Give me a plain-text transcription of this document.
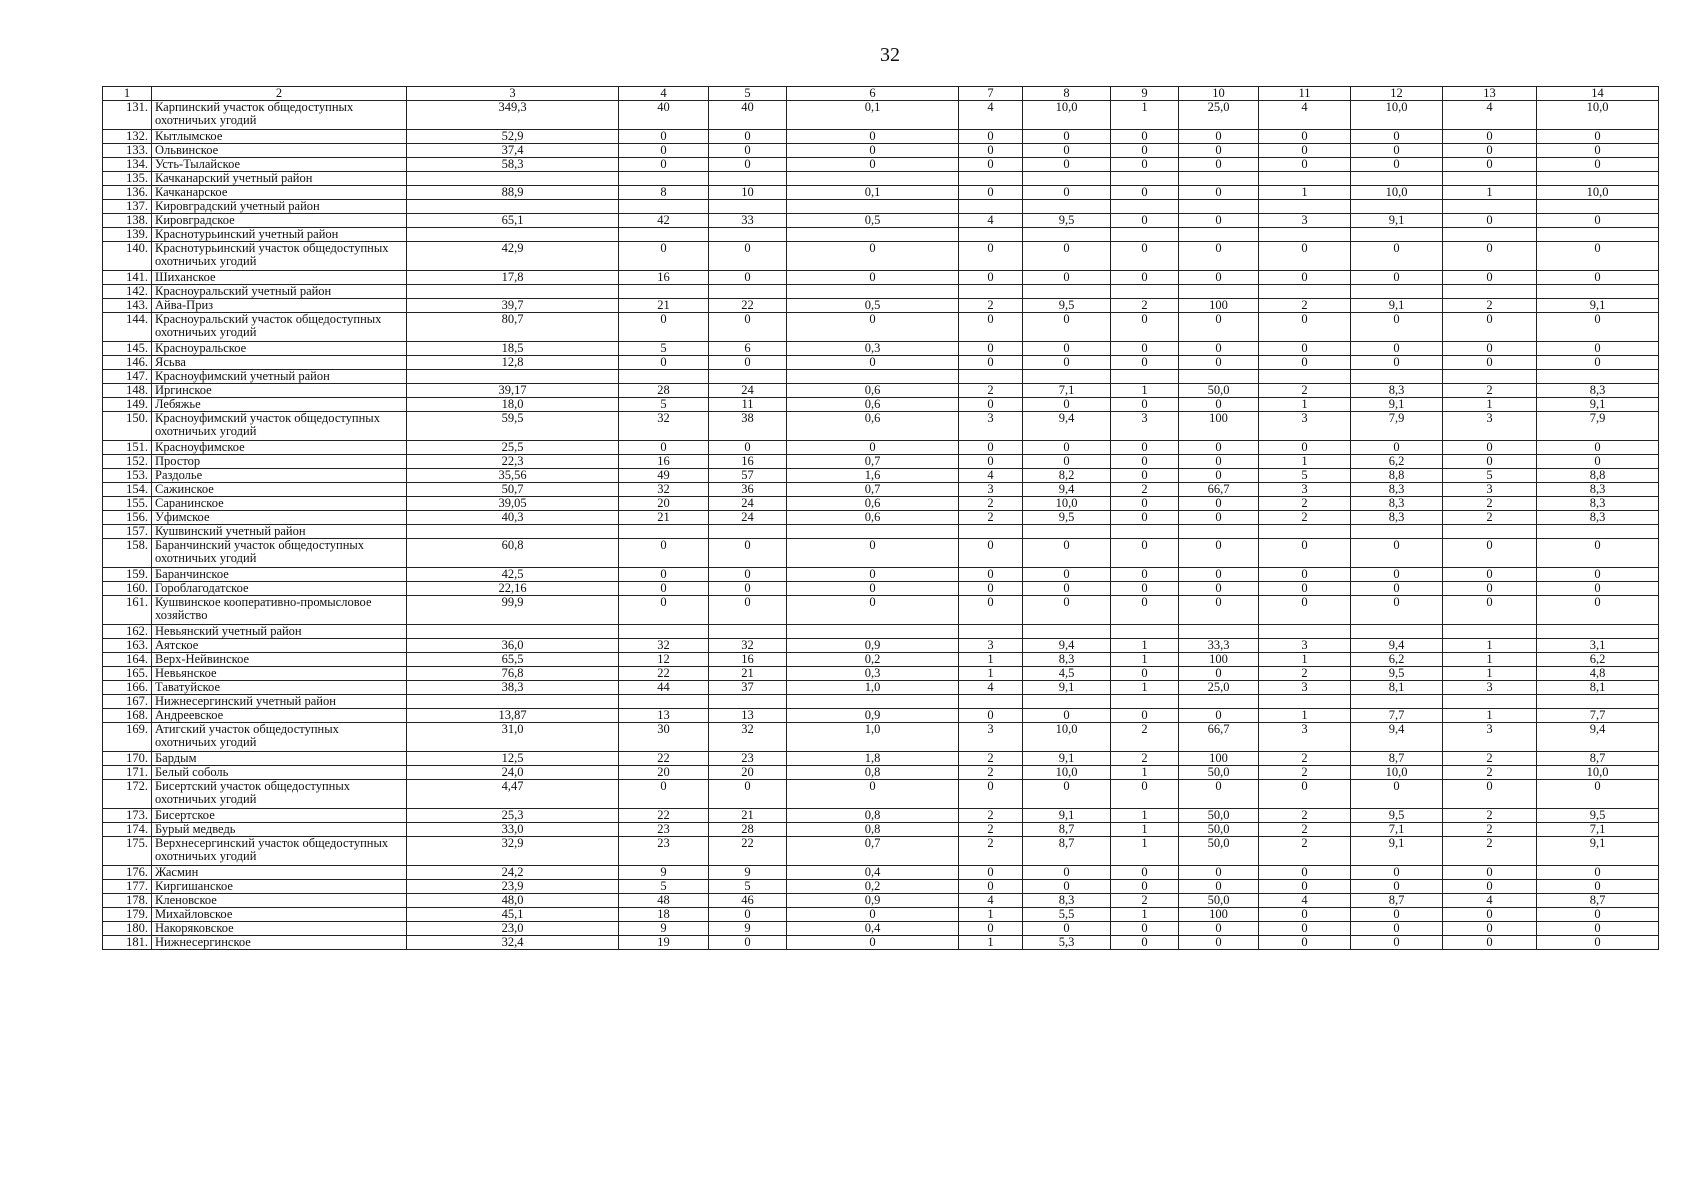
32
1	2	3	4	5	6	7	8	9	10	11	12	13	14
131.	Карпинский участок общедоступных охотничьих угодий	349,3	40	40	0,1	4	10,0	1	25,0	4	10,0	4	10,0
132.	Кытлымское	52,9	0	0	0	0	0	0	0	0	0	0	0
133.	Ольвинское	37,4	0	0	0	0	0	0	0	0	0	0	0
134.	Усть-Тылайское	58,3	0	0	0	0	0	0	0	0	0	0	0
135.	Качканарский учетный район												
136.	Качканарское	88,9	8	10	0,1	0	0	0	0	1	10,0	1	10,0
137.	Кировградский учетный район												
138.	Кировградское	65,1	42	33	0,5	4	9,5	0	0	3	9,1	0	0
139.	Краснотурьинский учетный район												
140.	Краснотурьинский участок общедоступных охотничьих угодий	42,9	0	0	0	0	0	0	0	0	0	0	0
141.	Шиханское	17,8	16	0	0	0	0	0	0	0	0	0	0
142.	Красноуральский учетный район												
143.	Айва-Приз	39,7	21	22	0,5	2	9,5	2	100	2	9,1	2	9,1
144.	Красноуральский участок общедоступных охотничьих угодий	80,7	0	0	0	0	0	0	0	0	0	0	0
145.	Красноуральское	18,5	5	6	0,3	0	0	0	0	0	0	0	0
146.	Ясьва	12,8	0	0	0	0	0	0	0	0	0	0	0
147.	Красноуфимский учетный район												
148.	Иргинское	39,17	28	24	0,6	2	7,1	1	50,0	2	8,3	2	8,3
149.	Лебяжье	18,0	5	11	0,6	0	0	0	0	1	9,1	1	9,1
150.	Красноуфимский участок общедоступных охотничьих угодий	59,5	32	38	0,6	3	9,4	3	100	3	7,9	3	7,9
151.	Красноуфимское	25,5	0	0	0	0	0	0	0	0	0	0	0
152.	Простор	22,3	16	16	0,7	0	0	0	0	1	6,2	0	0
153.	Раздолье	35,56	49	57	1,6	4	8,2	0	0	5	8,8	5	8,8
154.	Сажинское	50,7	32	36	0,7	3	9,4	2	66,7	3	8,3	3	8,3
155.	Саранинское	39,05	20	24	0,6	2	10,0	0	0	2	8,3	2	8,3
156.	Уфимское	40,3	21	24	0,6	2	9,5	0	0	2	8,3	2	8,3
157.	Кушвинский учетный район												
158.	Баранчинский участок общедоступных охотничьих угодий	60,8	0	0	0	0	0	0	0	0	0	0	0
159.	Баранчинское	42,5	0	0	0	0	0	0	0	0	0	0	0
160.	Гороблагодатское	22,16	0	0	0	0	0	0	0	0	0	0	0
161.	Кушвинское кооперативно-промысловое хозяйство	99,9	0	0	0	0	0	0	0	0	0	0	0
162.	Невьянский учетный район												
163.	Аятское	36,0	32	32	0,9	3	9,4	1	33,3	3	9,4	1	3,1
164.	Верх-Нейвинское	65,5	12	16	0,2	1	8,3	1	100	1	6,2	1	6,2
165.	Невьянское	76,8	22	21	0,3	1	4,5	0	0	2	9,5	1	4,8
166.	Таватуйское	38,3	44	37	1,0	4	9,1	1	25,0	3	8,1	3	8,1
167.	Нижнесергинский учетный район												
168.	Андреевское	13,87	13	13	0,9	0	0	0	0	1	7,7	1	7,7
169.	Атигский участок общедоступных охотничьих угодий	31,0	30	32	1,0	3	10,0	2	66,7	3	9,4	3	9,4
170.	Бардым	12,5	22	23	1,8	2	9,1	2	100	2	8,7	2	8,7
171.	Белый соболь	24,0	20	20	0,8	2	10,0	1	50,0	2	10,0	2	10,0
172.	Бисертский участок общедоступных охотничьих угодий	4,47	0	0	0	0	0	0	0	0	0	0	0
173.	Бисертское	25,3	22	21	0,8	2	9,1	1	50,0	2	9,5	2	9,5
174.	Бурый медведь	33,0	23	28	0,8	2	8,7	1	50,0	2	7,1	2	7,1
175.	Верхнесергинский участок общедоступных охотничьих угодий	32,9	23	22	0,7	2	8,7	1	50,0	2	9,1	2	9,1
176.	Жасмин	24,2	9	9	0,4	0	0	0	0	0	0	0	0
177.	Киргишанское	23,9	5	5	0,2	0	0	0	0	0	0	0	0
178.	Кленовское	48,0	48	46	0,9	4	8,3	2	50,0	4	8,7	4	8,7
179.	Михайловское	45,1	18	0	0	1	5,5	1	100	0	0	0	0
180.	Накоряковское	23,0	9	9	0,4	0	0	0	0	0	0	0	0
181.	Нижнесергинское	32,4	19	0	0	1	5,3	0	0	0	0	0	0
